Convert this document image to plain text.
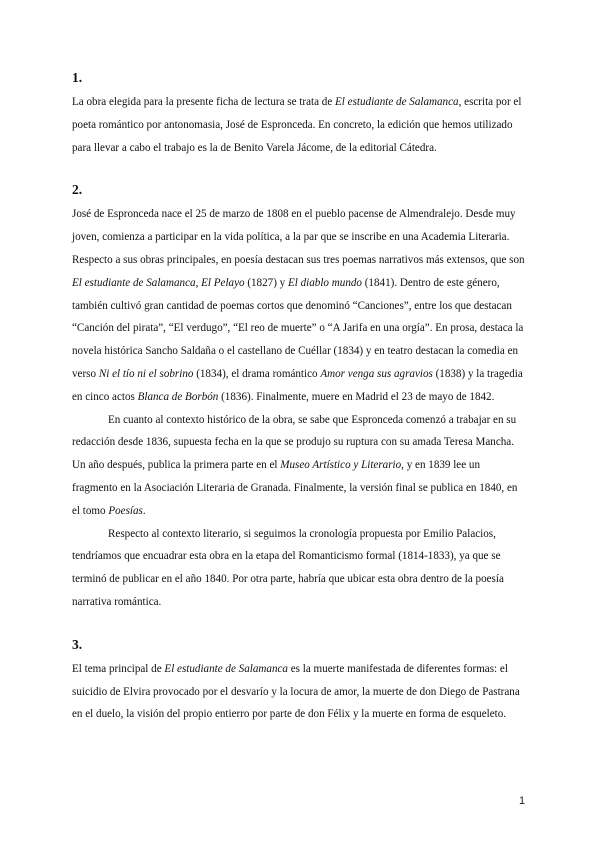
1.

La obra elegida para la presente ficha de lectura se trata de El estudiante de Salamanca, escrita por el poeta romántico por antonomasia, José de Espronceda. En concreto, la edición que hemos utilizado para llevar a cabo el trabajo es la de Benito Varela Jácome, de la editorial Cátedra.

2.

José de Espronceda nace el 25 de marzo de 1808 en el pueblo pacense de Almendralejo. Desde muy joven, comienza a participar en la vida política, a la par que se inscribe en una Academia Literaria. Respecto a sus obras principales, en poesía destacan sus tres poemas narrativos más extensos, que son El estudiante de Salamanca, El Pelayo (1827) y El diablo mundo (1841). Dentro de este género, también cultivó gran cantidad de poemas cortos que denominó “Canciones”, entre los que destacan “Canción del pirata”, “El verdugo”, “El reo de muerte” o “A Jarifa en una orgía”. En prosa, destaca la novela histórica Sancho Saldaña o el castellano de Cuéllar (1834) y en teatro destacan la comedia en verso Ni el tío ni el sobrino (1834), el drama romántico Amor venga sus agravios (1838) y la tragedia en cinco actos Blanca de Borbón (1836). Finalmente, muere en Madrid el 23 de mayo de 1842.

En cuanto al contexto histórico de la obra, se sabe que Espronceda comenzó a trabajar en su redacción desde 1836, supuesta fecha en la que se produjo su ruptura con su amada Teresa Mancha. Un año después, publica la primera parte en el Museo Artístico y Literario, y en 1839 lee un fragmento en la Asociación Literaria de Granada. Finalmente, la versión final se publica en 1840, en el tomo Poesías.

Respecto al contexto literario, si seguimos la cronología propuesta por Emilio Palacios, tendríamos que encuadrar esta obra en la etapa del Romanticismo formal (1814-1833), ya que se terminó de publicar en el año 1840. Por otra parte, habría que ubicar esta obra dentro de la poesía narrativa romántica.

3.

El tema principal de El estudiante de Salamanca es la muerte manifestada de diferentes formas: el suicidio de Elvira provocado por el desvarío y la locura de amor, la muerte de don Diego de Pastrana en el duelo, la visión del propio entierro por parte de don Félix y la muerte en forma de esqueleto.

1
